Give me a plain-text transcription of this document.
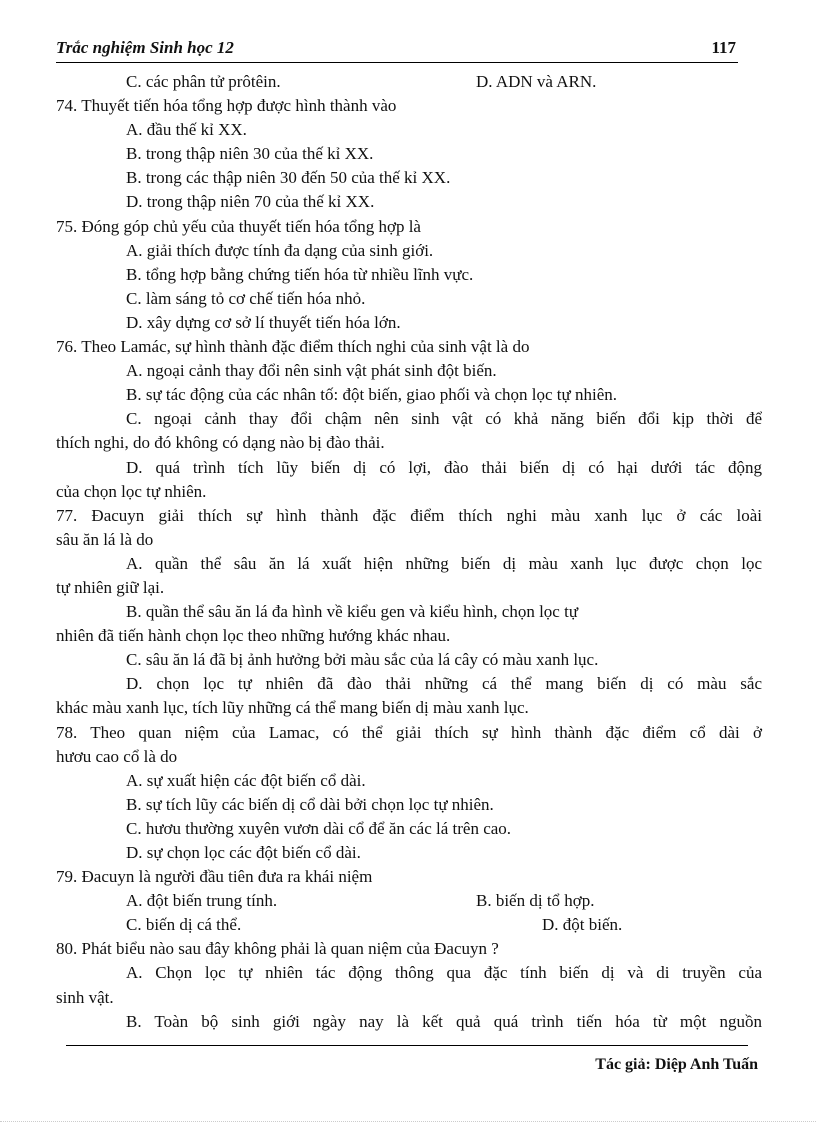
Trắc nghiệm Sinh học 12	117
C. các phân tử prôtêin.	D. ADN và ARN.
74. Thuyết tiến hóa tổng hợp được hình thành vào
A. đầu thế kỉ XX.
B. trong thập niên 30 của thế kỉ XX.
B. trong các thập niên 30 đến 50 của thế kỉ XX.
D. trong thập niên 70 của thế kỉ XX.
75. Đóng góp chủ yếu của thuyết tiến hóa tổng hợp là
A. giải thích được tính đa dạng của sinh giới.
B. tổng hợp bằng chứng tiến hóa từ nhiều lĩnh vực.
C. làm sáng tỏ cơ chế tiến hóa nhỏ.
D. xây dựng cơ sở lí thuyết tiến hóa lớn.
76. Theo Lamác, sự hình thành đặc điểm thích nghi của sinh vật là do
A. ngoại cảnh thay đổi nên sinh vật phát sinh đột biến.
B. sự tác động của các nhân tố: đột biến, giao phối và chọn lọc tự nhiên.
C. ngoại cảnh thay đổi chậm nên sinh vật có khả năng biến đổi kịp thời để
thích nghi, do đó không có dạng nào bị đào thải.
D. quá trình tích lũy biến dị có lợi, đào thải biến dị có hại dưới tác động
của chọn lọc tự nhiên.
77. Đacuyn giải thích sự hình thành đặc điểm thích nghi màu xanh lục ở các loài
sâu ăn lá là do
A. quần thể sâu ăn lá xuất hiện những biến dị màu xanh lục được chọn lọc
tự nhiên giữ lại.
B. quần thể sâu ăn lá đa hình về kiểu gen và kiểu hình, chọn lọc tự
nhiên đã tiến hành chọn lọc theo những hướng khác nhau.
C. sâu ăn lá đã bị ảnh hưởng bởi màu sắc của lá cây có màu xanh lục.
D. chọn lọc tự nhiên đã đào thải những cá thể mang biến dị có màu sắc
khác màu xanh lục, tích lũy những cá thể mang biến dị màu xanh lục.
78. Theo quan niệm của Lamac, có thể giải thích sự hình thành đặc điểm cổ dài ở
hươu cao cổ là do
A. sự xuất hiện các đột biến cổ dài.
B. sự tích lũy các biến dị cổ dài bởi chọn lọc tự nhiên.
C. hươu thường xuyên vươn dài cổ để ăn các lá trên cao.
D. sự chọn lọc các đột biến cổ dài.
79. Đacuyn là người đầu tiên đưa ra khái niệm
A. đột biến trung tính.	B. biến dị tổ hợp.
C. biến dị cá thể.	D. đột biến.
80. Phát biểu nào sau đây không phải là quan niệm của Đacuyn ?
A. Chọn lọc tự nhiên tác động thông qua đặc tính biến dị và di truyền của
sinh vật.
B. Toàn bộ sinh giới ngày nay là kết quả quá trình tiến hóa từ một nguồn
Tác giả: Diệp Anh Tuấn
